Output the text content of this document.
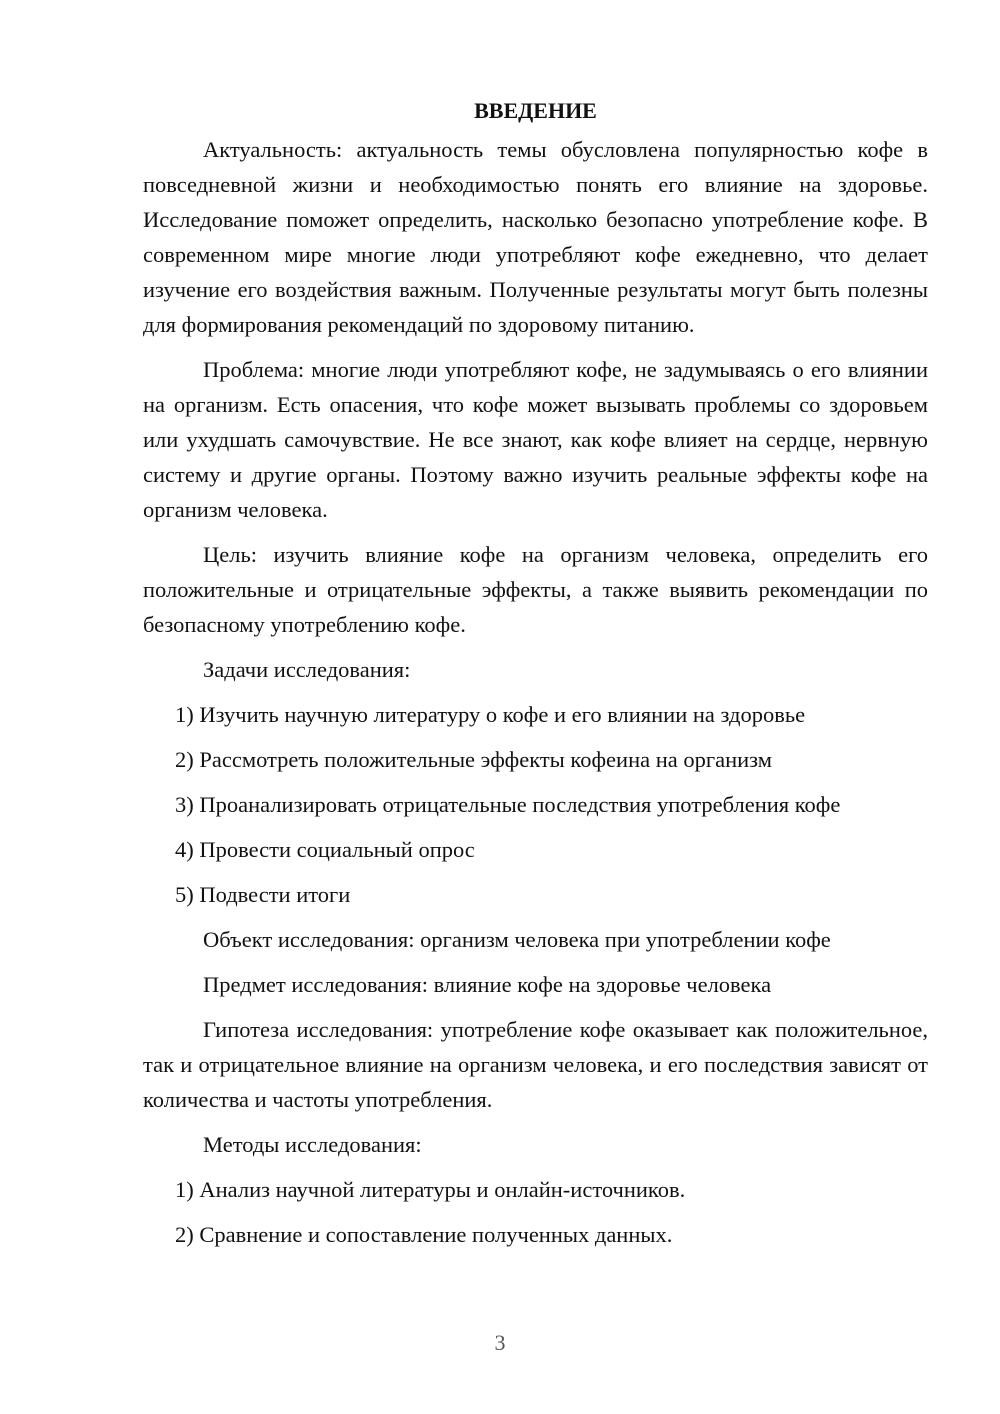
ВВЕДЕНИЕ

Актуальность: актуальность темы обусловлена популярностью кофе в повседневной жизни и необходимостью понять его влияние на здоровье. Исследование поможет определить, насколько безопасно употребление кофе. В современном мире многие люди употребляют кофе ежедневно, что делает изучение его воздействия важным. Полученные результаты могут быть полезны для формирования рекомендаций по здоровому питанию.

Проблема: многие люди употребляют кофе, не задумываясь о его влиянии на организм. Есть опасения, что кофе может вызывать проблемы со здоровьем или ухудшать самочувствие. Не все знают, как кофе влияет на сердце, нервную систему и другие органы. Поэтому важно изучить реальные эффекты кофе на организм человека.

Цель: изучить влияние кофе на организм человека, определить его положительные и отрицательные эффекты, а также выявить рекомендации по безопасному употреблению кофе.

Задачи исследования:
1) Изучить научную литературу о кофе и его влиянии на здоровье
2) Рассмотреть положительные эффекты кофеина на организм
3) Проанализировать отрицательные последствия употребления кофе
4) Провести социальный опрос
5) Подвести итоги
Объект исследования: организм человека при употреблении кофе
Предмет исследования: влияние кофе на здоровье человека

Гипотеза исследования: употребление кофе оказывает как положительное, так и отрицательное влияние на организм человека, и его последствия зависят от количества и частоты употребления.

Методы исследования:
1) Анализ научной литературы и онлайн-источников.
2) Сравнение и сопоставление полученных данных.
3
